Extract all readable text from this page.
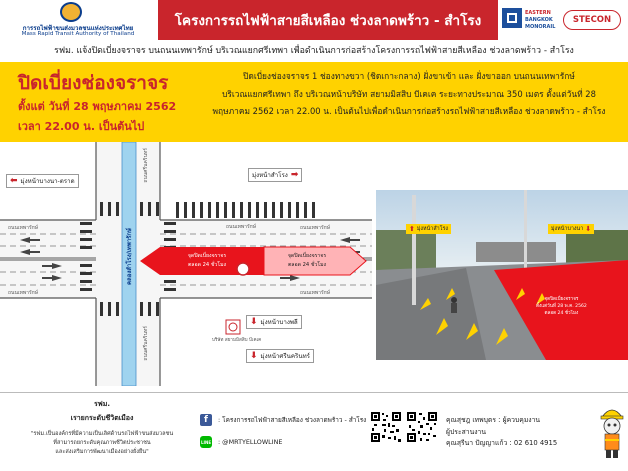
การรถไฟฟ้าขนส่งมวลชนแห่งประเทศไทย
Mass Rapid Transit Authority of Thailand
โครงการรถไฟฟ้าสายสีเหลือง ช่วงลาดพร้าว - สำโรง	EASTERN
BANGKOK
MONORAIL
STECON
รฟม. แจ้งปิดเบี่ยงจราจร บนถนนเทพารักษ์ บริเวณแยกศรีเทพา เพื่อดำเนินการก่อสร้างโครงการรถไฟฟ้าสายสีเหลือง ช่วงลาดพร้าว - สำโรง
ปิดเบี่ยงช่องจราจร
ตั้งแต่ วันที่ 28 พฤษภาคม 2562
เวลา 22.00 น. เป็นต้นไป
ปิดเบี่ยงช่องจราจร 1 ช่องทางขวา (ชิดเกาะกลาง) ฝั่งขาเข้า และ ฝั่งขาออก บนถนนเทพารักษ์
บริเวณแยกศรีเทพา ถึง บริเวณหน้าบริษัท สยามมิสสิบ บีเคเค ระยะทางประมาณ 350 เมตร ตั้งแต่วันที่ 28
พฤษภาคม 2562 เวลา 22.00 น. เป็นต้นไปเพื่อดำเนินการก่อสร้างรถไฟฟ้าสายสีเหลือง ช่วงลาดพร้าว - สำโรง
⬅ มุ่งหน้าบางนา-ตราด
มุ่งหน้าสำโรง ➡
⬇ มุ่งหน้าบางพลี
⬇ มุ่งหน้าศรีนครินทร์
ถนนเทพารักษ์
ถนนเทพารักษ์
ถนนเทพารักษ์
ถนนเทพารักษ์
ถนนเทพารักษ์
ถนนศรีนครินทร์
ถนนศรีนครินทร์
คลองสำโรง/เทพารักษ์	จุดปิดเบี่ยงจราจร
ตลอด 24 ชั่วโมง
จุดปิดเบี่ยงจราจร
ตลอด 24 ชั่วโมง
บริษัท สยามมิสสิบ บีเคเค
⬆ มุ่งหน้าสำโรง	มุ่งหน้าบางนา ⬇
จุดปิดเบี่ยงจราจร
ตั้งแต่วันที่ 28 พ.ค. 2562
ตลอด 24 ชั่วโมง
รฟม.
เรายกระดับชีวิตเมือง
"รฟม.เป็นองค์กรที่มีความเป็นเลิศด้านรถไฟฟ้าขนส่งมวลชน
ที่สามารถยกระดับคุณภาพชีวิตประชาชน
และส่งเสริมการพัฒนาเมืองอย่างยั่งยืน"
f	: โครงการรถไฟฟ้าสายสีเหลือง ช่วงลาดพร้าว - สำโรง
LINE : @MRTYELLOWLINE
คุณสุชฎ เทพบุตร : ผู้ควบคุมงาน
ผู้ประสานงาน
คุณสุรีนา ปัญญาแก้ว : 02 610 4915
